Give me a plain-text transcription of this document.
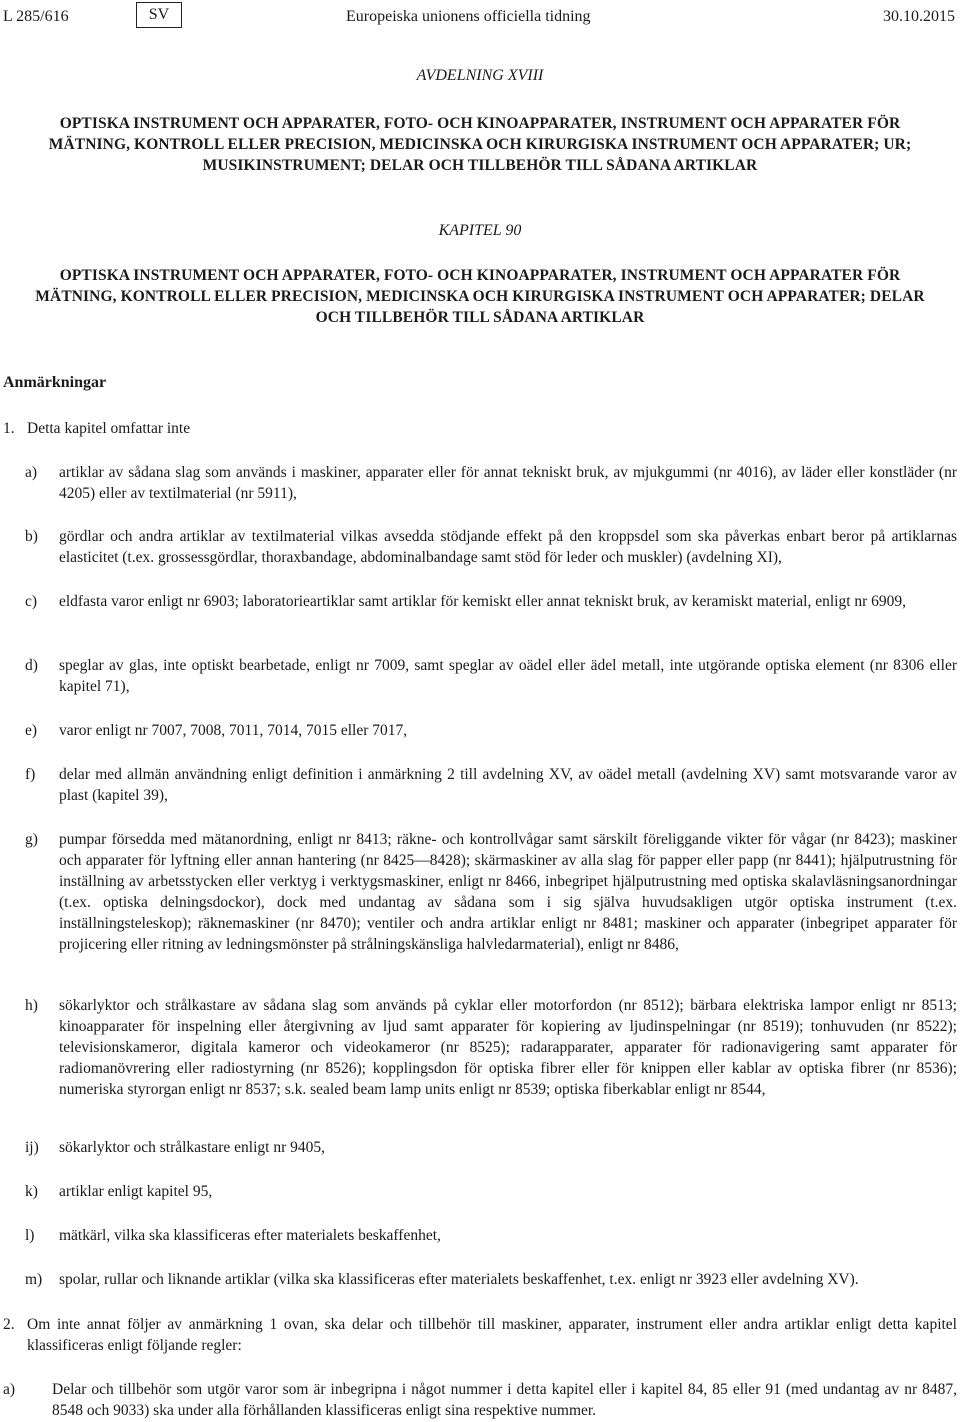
L 285/616	SV	Europeiska unionens officiella tidning	30.10.2015
AVDELNING XVIII
OPTISKA INSTRUMENT OCH APPARATER, FOTO- OCH KINOAPPARATER, INSTRUMENT OCH APPARATER FÖR
MÄTNING, KONTROLL ELLER PRECISION, MEDICINSKA OCH KIRURGISKA INSTRUMENT OCH APPARATER; UR;
MUSIKINSTRUMENT; DELAR OCH TILLBEHÖR TILL SÅDANA ARTIKLAR
KAPITEL 90
OPTISKA INSTRUMENT OCH APPARATER, FOTO- OCH KINOAPPARATER, INSTRUMENT OCH APPARATER FÖR
MÄTNING, KONTROLL ELLER PRECISION, MEDICINSKA OCH KIRURGISKA INSTRUMENT OCH APPARATER; DELAR
OCH TILLBEHÖR TILL SÅDANA ARTIKLAR
Anmärkningar
1. Detta kapitel omfattar inte
a)	artiklar av sådana slag som används i maskiner, apparater eller för annat tekniskt bruk, av mjukgummi (nr 4016), av läder eller konstläder (nr 4205) eller av textilmaterial (nr 5911),
b)	gördlar och andra artiklar av textilmaterial vilkas avsedda stödjande effekt på den kroppsdel som ska påverkas enbart beror på artiklarnas elasticitet (t.ex. grossessgördlar, thoraxbandage, abdominalbandage samt stöd för leder och muskler) (avdelning XI),
c)	eldfasta varor enligt nr 6903; laboratorieartiklar samt artiklar för kemiskt eller annat tekniskt bruk, av keramiskt material, enligt nr 6909,
d)	speglar av glas, inte optiskt bearbetade, enligt nr 7009, samt speglar av oädel eller ädel metall, inte utgörande optiska element (nr 8306 eller kapitel 71),
e)	varor enligt nr 7007, 7008, 7011, 7014, 7015 eller 7017,
f)	delar med allmän användning enligt definition i anmärkning 2 till avdelning XV, av oädel metall (avdelning XV) samt motsvarande varor av plast (kapitel 39),
g)	pumpar försedda med mätanordning, enligt nr 8413; räkne- och kontrollvågar samt särskilt föreliggande vikter för vågar (nr 8423); maskiner och apparater för lyftning eller annan hantering (nr 8425—8428); skärmaskiner av alla slag för papper eller papp (nr 8441); hjälputrustning för inställning av arbetsstycken eller verktyg i verktygsmaskiner, enligt nr 8466, inbegripet hjälputrustning med optiska skalavläsningsanordningar (t.ex. optiska delningsdockor), dock med undantag av sådana som i sig själva huvudsakligen utgör optiska instrument (t.ex. inställningsteleskop); räknemaskiner (nr 8470); ventiler och andra artiklar enligt nr 8481; maskiner och apparater (inbegripet apparater för projicering eller ritning av ledningsmönster på strålningskänsliga halvledarmaterial), enligt nr 8486,
h)	sökarlyktor och strålkastare av sådana slag som används på cyklar eller motorfordon (nr 8512); bärbara elektriska lampor enligt nr 8513; kinoapparater för inspelning eller återgivning av ljud samt apparater för kopiering av ljudinspelningar (nr 8519); tonhuvuden (nr 8522); televisionskameror, digitala kameror och videokameror (nr 8525); radarapparater, apparater för radionavigering samt apparater för radiomanövrering eller radiostyrning (nr 8526); kopplingsdon för optiska fibrer eller för knippen eller kablar av optiska fibrer (nr 8536); numeriska styrorgan enligt nr 8537; s.k. sealed beam lamp units enligt nr 8539; optiska fiberkablar enligt nr 8544,
ij)	sökarlyktor och strålkastare enligt nr 9405,
k)	artiklar enligt kapitel 95,
l)	mätkärl, vilka ska klassificeras efter materialets beskaffenhet,
m)	spolar, rullar och liknande artiklar (vilka ska klassificeras efter materialets beskaffenhet, t.ex. enligt nr 3923 eller avdelning XV).
2. Om inte annat följer av anmärkning 1 ovan, ska delar och tillbehör till maskiner, apparater, instrument eller andra artiklar enligt detta kapitel klassificeras enligt följande regler:
a) Delar och tillbehör som utgör varor som är inbegripna i något nummer i detta kapitel eller i kapitel 84, 85 eller 91 (med undantag av nr 8487, 8548 och 9033) ska under alla förhållanden klassificeras enligt sina respektive nummer.
